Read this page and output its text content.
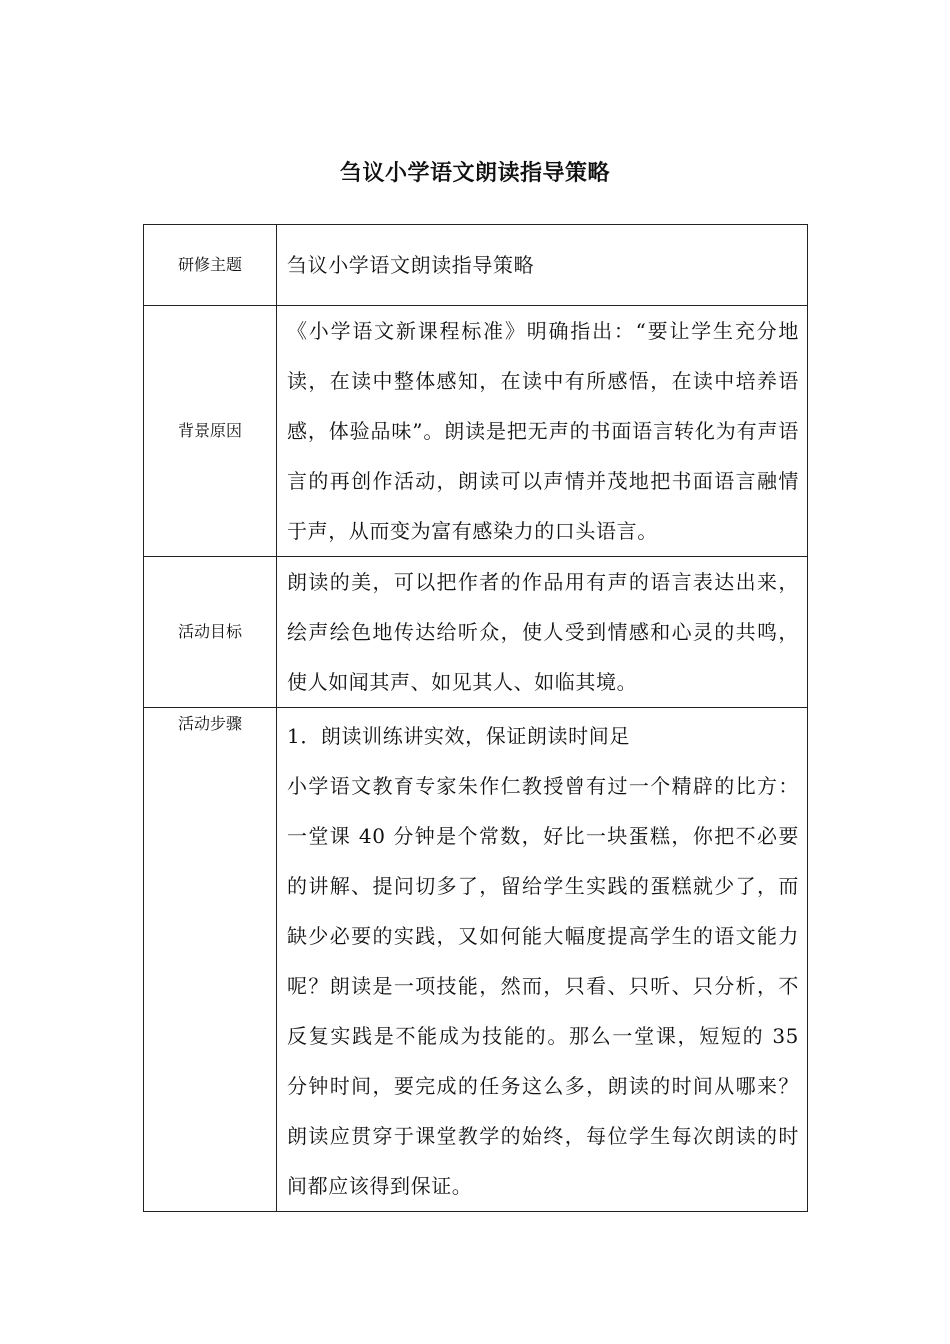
刍议小学语文朗读指导策略
研修主题	刍议小学语文朗读指导策略
背景原因	《小学语文新课程标准》明确指出：“要让学生充分地读，在读中整体感知，在读中有所感悟，在读中培养语感，体验品味”。朗读是把无声的书面语言转化为有声语言的再创作活动，朗读可以声情并茂地把书面语言融情于声，从而变为富有感染力的口头语言。
活动目标	朗读的美，可以把作者的作品用有声的语言表达出来，绘声绘色地传达给听众，使人受到情感和心灵的共鸣，使人如闻其声、如见其人、如临其境。
活动步骤	1．朗读训练讲实效，保证朗读时间足
小学语文教育专家朱作仁教授曾有过一个精辟的比方：一堂课 40 分钟是个常数，好比一块蛋糕，你把不必要的讲解、提问切多了，留给学生实践的蛋糕就少了，而缺少必要的实践，又如何能大幅度提高学生的语文能力呢？朗读是一项技能，然而，只看、只听、只分析，不反复实践是不能成为技能的。那么一堂课，短短的 35 分钟时间，要完成的任务这么多，朗读的时间从哪来？朗读应贯穿于课堂教学的始终，每位学生每次朗读的时间都应该得到保证。
